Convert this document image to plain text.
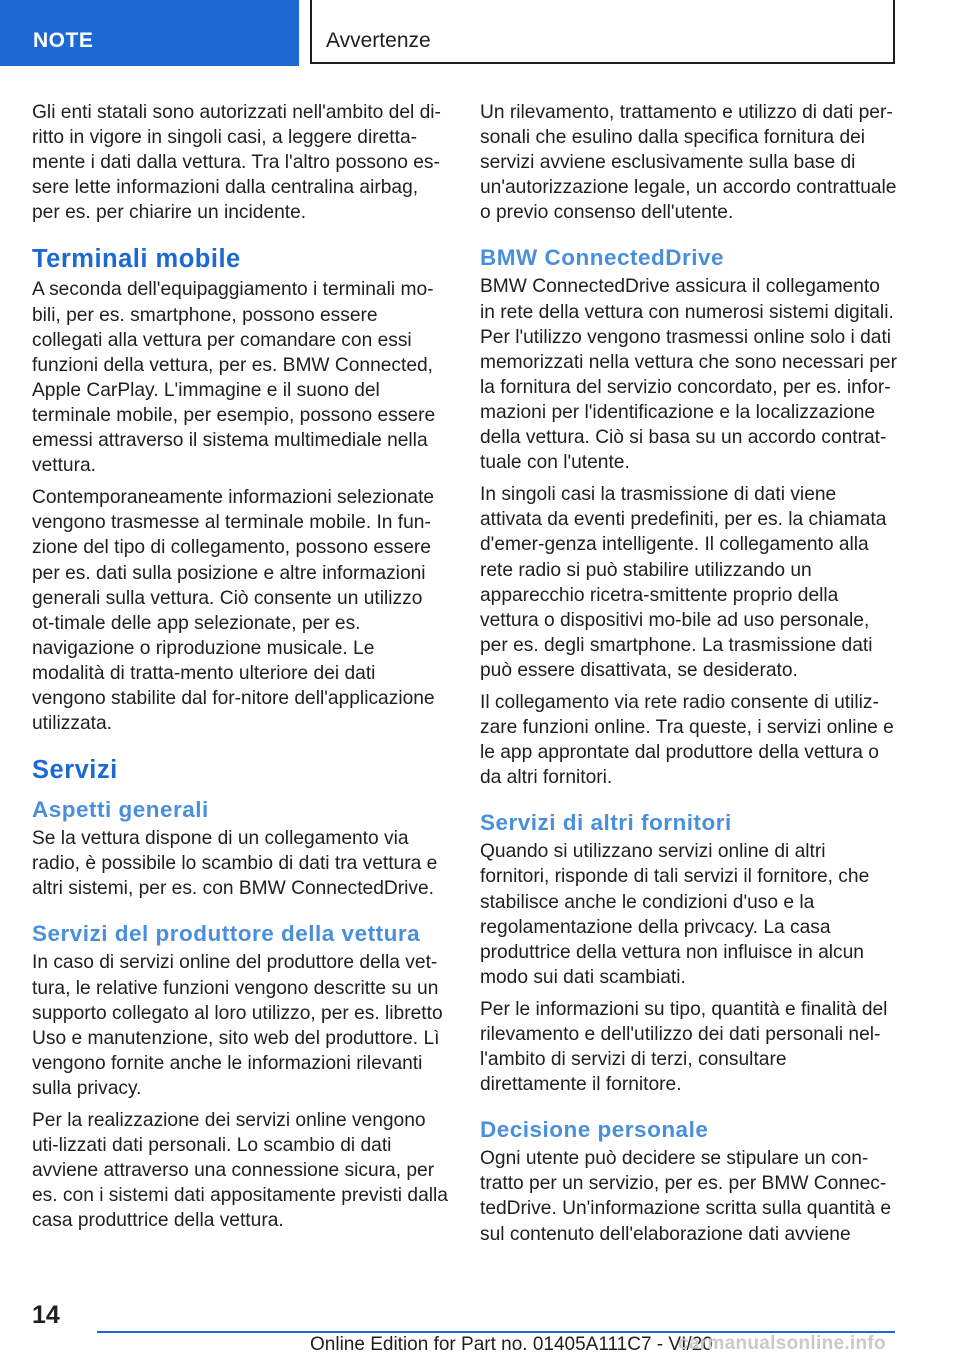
NOTE	Avvertenze

Gli enti statali sono autorizzati nell'ambito del di-ritto in vigore in singoli casi, a leggere diretta-mente i dati dalla vettura. Tra l'altro possono es-sere lette informazioni dalla centralina airbag, per es. per chiarire un incidente.

Terminali mobile

A seconda dell'equipaggiamento i terminali mo-bili, per es. smartphone, possono essere collegati alla vettura per comandare con essi funzioni della vettura, per es. BMW Connected, Apple CarPlay. L'immagine e il suono del terminale mobile, per esempio, possono essere emessi attraverso il sistema multimediale nella vettura.

Contemporaneamente informazioni selezionate vengono trasmesse al terminale mobile. In fun-zione del tipo di collegamento, possono essere per es. dati sulla posizione e altre informazioni generali sulla vettura. Ciò consente un utilizzo ot-timale delle app selezionate, per es. navigazione o riproduzione musicale. Le modalità di tratta-mento ulteriore dei dati vengono stabilite dal for-nitore dell'applicazione utilizzata.

Servizi
Aspetti generali

Se la vettura dispone di un collegamento via radio, è possibile lo scambio di dati tra vettura e altri sistemi, per es. con BMW ConnectedDrive.

Servizi del produttore della vettura

In caso di servizi online del produttore della vet-tura, le relative funzioni vengono descritte su un supporto collegato al loro utilizzo, per es. libretto Uso e manutenzione, sito web del produttore. Lì vengono fornite anche le informazioni rilevanti sulla privacy.

Per la realizzazione dei servizi online vengono uti-lizzati dati personali. Lo scambio di dati avviene attraverso una connessione sicura, per es. con i sistemi dati appositamente previsti dalla casa produttrice della vettura.

Un rilevamento, trattamento e utilizzo di dati per-sonali che esulino dalla specifica fornitura dei servizi avviene esclusivamente sulla base di un'autorizzazione legale, un accordo contrattuale o previo consenso dell'utente.

BMW ConnectedDrive

BMW ConnectedDrive assicura il collegamento in rete della vettura con numerosi sistemi digitali. Per l'utilizzo vengono trasmessi online solo i dati memorizzati nella vettura che sono necessari per la fornitura del servizio concordato, per es. infor-mazioni per l'identificazione e la localizzazione della vettura. Ciò si basa su un accordo contrat-tuale con l'utente.

In singoli casi la trasmissione di dati viene attivata da eventi predefiniti, per es. la chiamata d'emer-genza intelligente. Il collegamento alla rete radio si può stabilire utilizzando un apparecchio ricetra-smittente proprio della vettura o dispositivi mo-bile ad uso personale, per es. degli smartphone. La trasmissione dati può essere disattivata, se desiderato.

Il collegamento via rete radio consente di utiliz-zare funzioni online. Tra queste, i servizi online e le app approntate dal produttore della vettura o da altri fornitori.

Servizi di altri fornitori

Quando si utilizzano servizi online di altri fornitori, risponde di tali servizi il fornitore, che stabilisce anche le condizioni d'uso e la regolamentazione della privcacy. La casa produttrice della vettura non influisce in alcun modo sui dati scambiati.

Per le informazioni su tipo, quantità e finalità del rilevamento e dell'utilizzo dei dati personali nel-l'ambito di servizi di terzi, consultare direttamente il fornitore.

Decisione personale

Ogni utente può decidere se stipulare un con-tratto per un servizio, per es. per BMW Connec-tedDrive. Un'informazione scritta sulla quantità e sul contenuto dell'elaborazione dati avviene

14
Online Edition for Part no. 01405A111C7 - VI/20
carmanualsonline.info
